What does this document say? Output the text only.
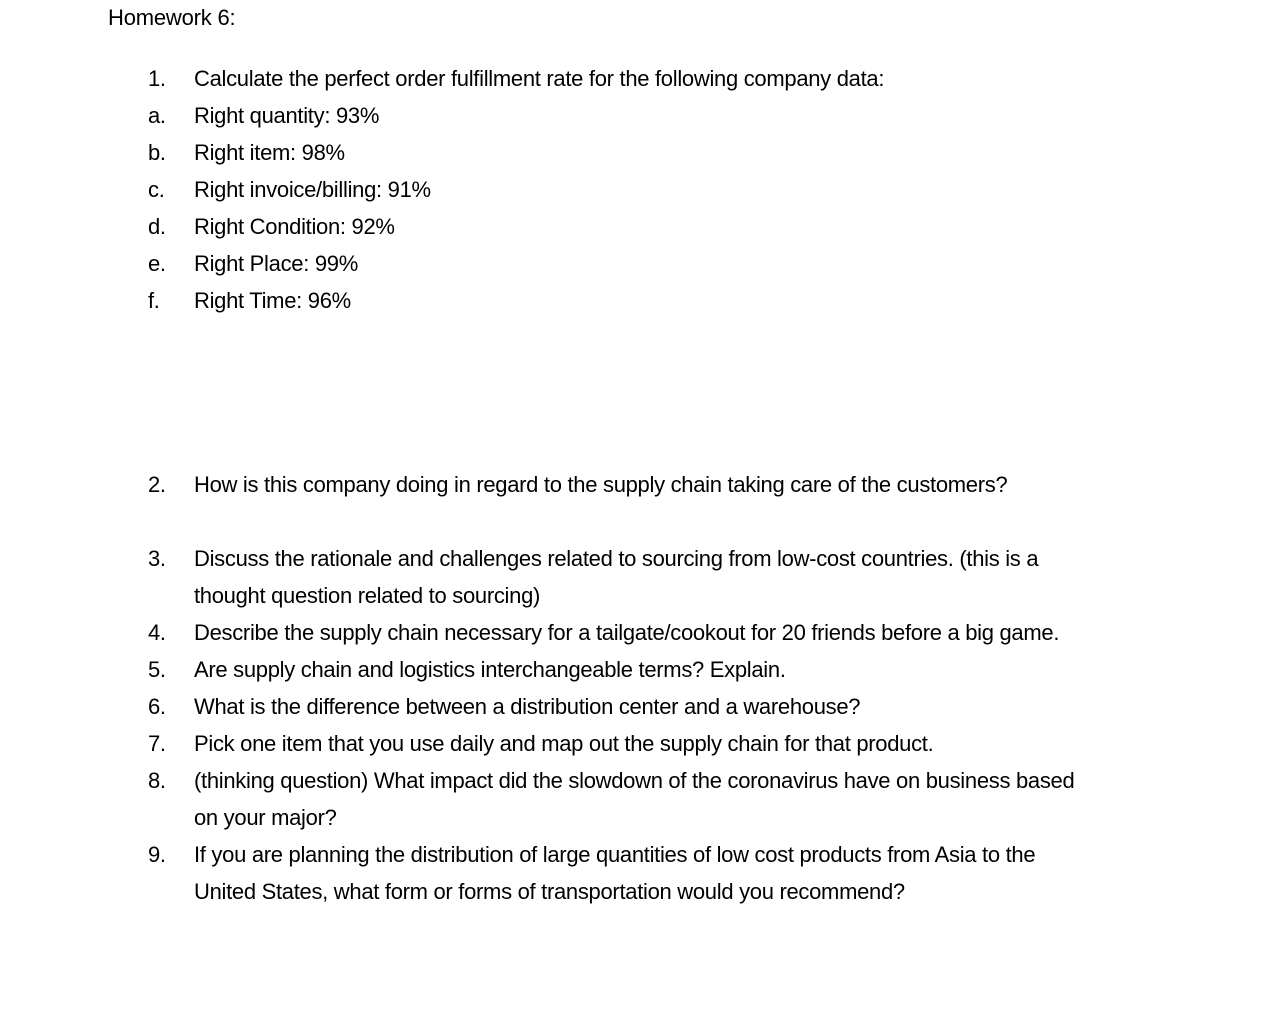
Homework 6:
1.	Calculate the perfect order fulfillment rate for the following company data:
a.	Right quantity: 93%
b.	Right item: 98%
c.	Right invoice/billing: 91%
d.	Right Condition: 92%
e.	Right Place: 99%
f.	Right Time: 96%
2.	How is this company doing in regard to the supply chain taking care of the customers?
3.	Discuss the rationale and challenges related to sourcing from low-cost countries. (this is a
thought question related to sourcing)
4.	Describe the supply chain necessary for a tailgate/cookout for 20 friends before a big game.
5.	Are supply chain and logistics interchangeable terms? Explain.
6.	What is the difference between a distribution center and a warehouse?
7.	Pick one item that you use daily and map out the supply chain for that product.
8.	(thinking question) What impact did the slowdown of the coronavirus have on business based
on your major?
9.	If you are planning the distribution of large quantities of low cost products from Asia to the
United States, what form or forms of transportation would you recommend?
